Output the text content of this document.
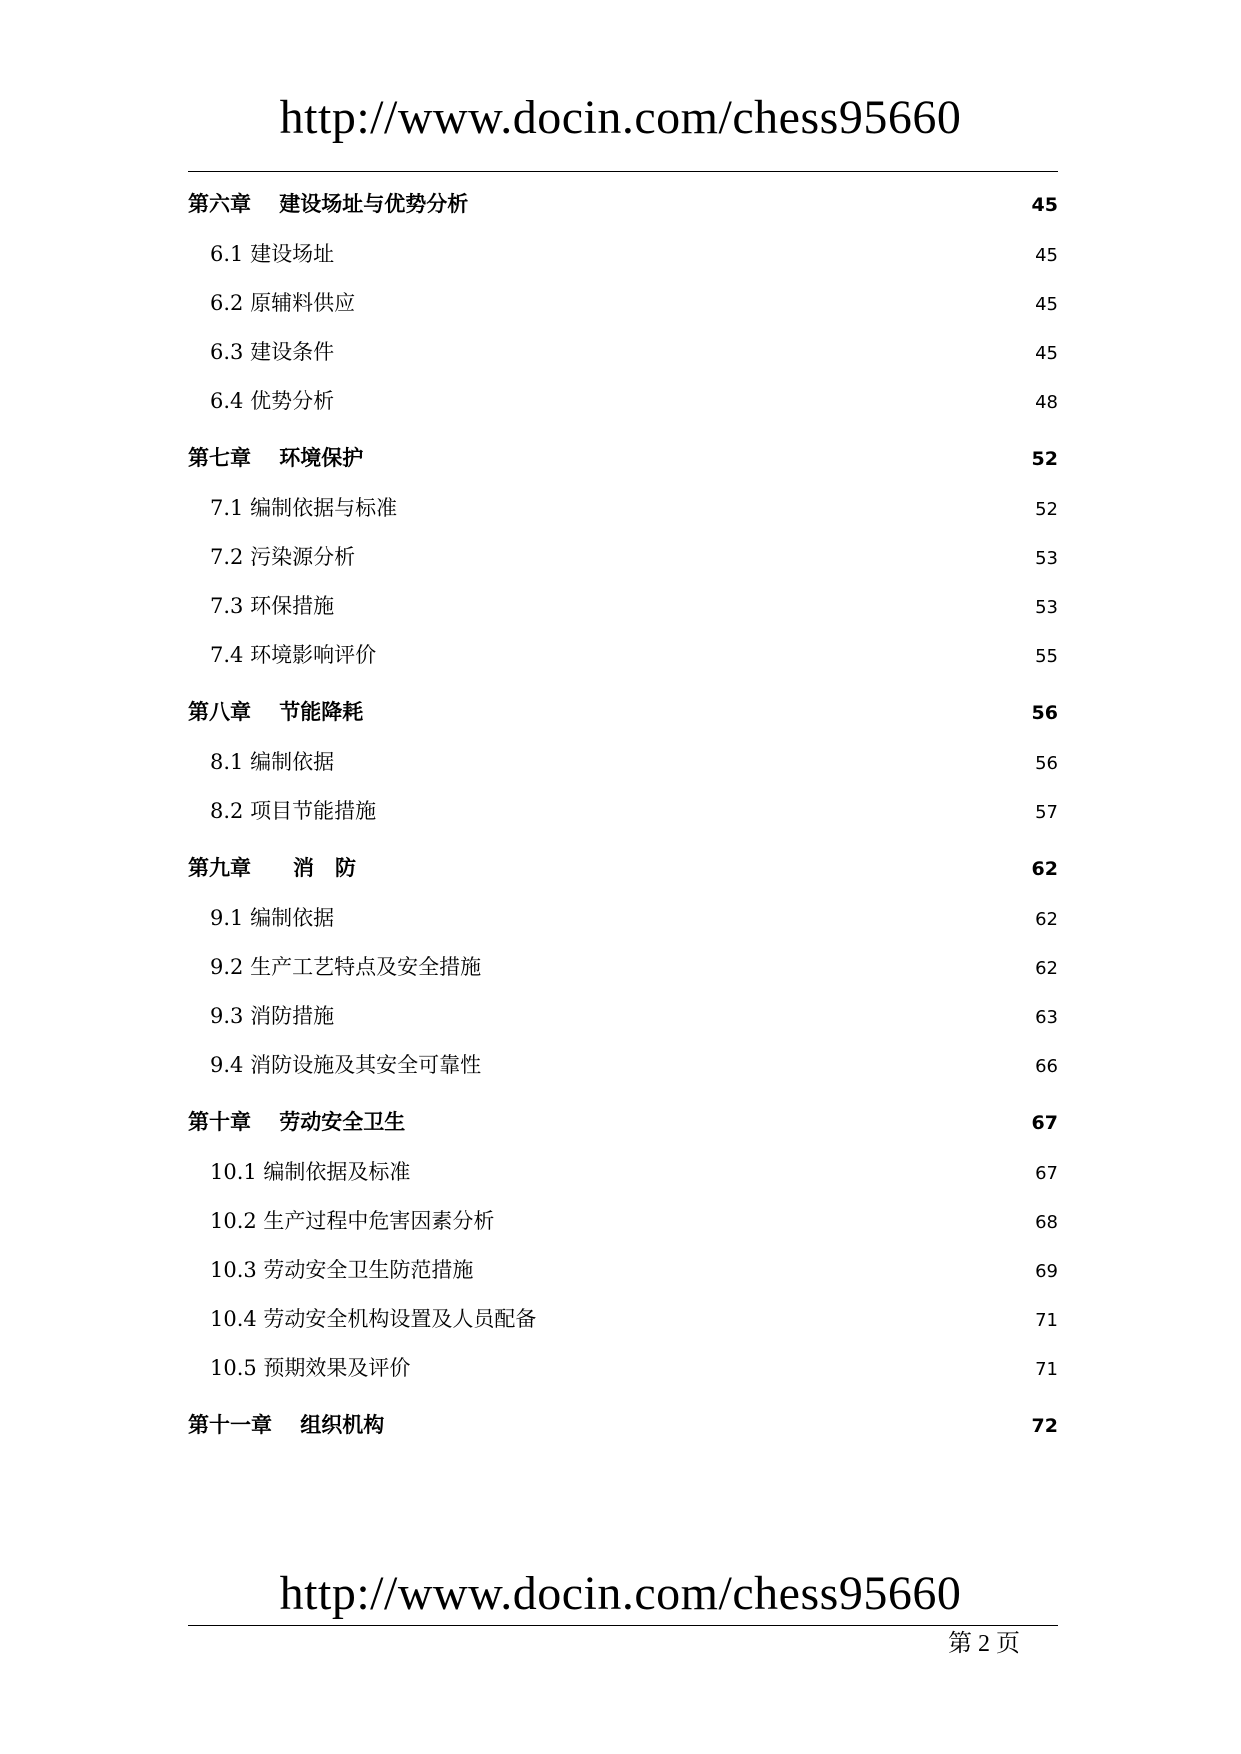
http://www.docin.com/chess95660
第六章　 建设场址与优势分析 .....	45
6.1 建设场址 .....	45
6.2 原辅料供应 .....	45
6.3 建设条件 .....	45
6.4 优势分析 .....	48
第七章　 环境保护 .....	52
7.1 编制依据与标准 .....	52
7.2 污染源分析 .....	53
7.3 环保措施 .....	53
7.4 环境影响评价 .....	55
第八章　 节能降耗 .....	56
8.1 编制依据 .....	56
8.2 项目节能措施 .....	57
第九章　　消　防 .....	62
9.1 编制依据 .....	62
9.2 生产工艺特点及安全措施 .....	62
9.3 消防措施 .....	63
9.4 消防设施及其安全可靠性 .....	66
第十章　 劳动安全卫生 .....	67
10.1 编制依据及标准 .....	67
10.2 生产过程中危害因素分析 .....	68
10.3 劳动安全卫生防范措施 .....	69
10.4 劳动安全机构设置及人员配备 .....	71
10.5 预期效果及评价 .....	71
第十一章　 组织机构 .....	72
http://www.docin.com/chess95660
第 2 页
